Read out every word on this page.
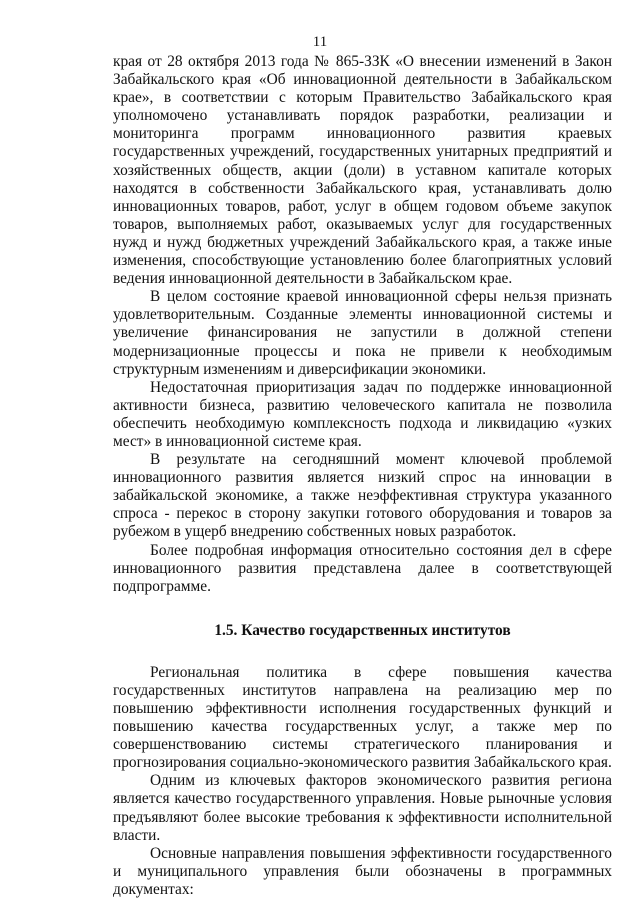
11

края от 28 октября 2013 года № 865-ЗЗК «О внесении изменений в Закон Забайкальского края «Об инновационной деятельности в Забайкальском крае», в соответствии с которым Правительство Забайкальского края уполномочено устанавливать порядок разработки, реализации и мониторинга программ инновационного развития краевых государственных учреждений, государственных унитарных предприятий и хозяйственных обществ, акции (доли) в уставном капитале которых находятся в собственности Забайкальского края, устанавливать долю инновационных товаров, работ, услуг в общем годовом объеме закупок товаров, выполняемых работ, оказываемых услуг для государственных нужд и нужд бюджетных учреждений Забайкальского края, а также иные изменения, способствующие установлению более благоприятных условий ведения инновационной деятельности в Забайкальском крае.

В целом состояние краевой инновационной сферы нельзя признать удовлетворительным. Созданные элементы инновационной системы и увеличение финансирования не запустили в должной степени модернизационные процессы и пока не привели к необходимым структурным изменениям и диверсификации экономики.

Недостаточная приоритизация задач по поддержке инновационной активности бизнеса, развитию человеческого капитала не позволила обеспечить необходимую комплексность подхода и ликвидацию «узких мест» в инновационной системе края.

В результате на сегодняшний момент ключевой проблемой инновационного развития является низкий спрос на инновации в забайкальской экономике, а также неэффективная структура указанного спроса - перекос в сторону закупки готового оборудования и товаров за рубежом в ущерб внедрению собственных новых разработок.

Более подробная информация относительно состояния дел в сфере инновационного развития представлена далее в соответствующей подпрограмме.

1.5. Качество государственных институтов

Региональная политика в сфере повышения качества государственных институтов направлена на реализацию мер по повышению эффективности исполнения государственных функций и повышению качества государственных услуг, а также мер по совершенствованию системы стратегического планирования и прогнозирования социально-экономического развития Забайкальского края.

Одним из ключевых факторов экономического развития региона является качество государственного управления. Новые рыночные условия предъявляют более высокие требования к эффективности исполнительной власти.

Основные направления повышения эффективности государственного и муниципального управления были обозначены в программных документах:
